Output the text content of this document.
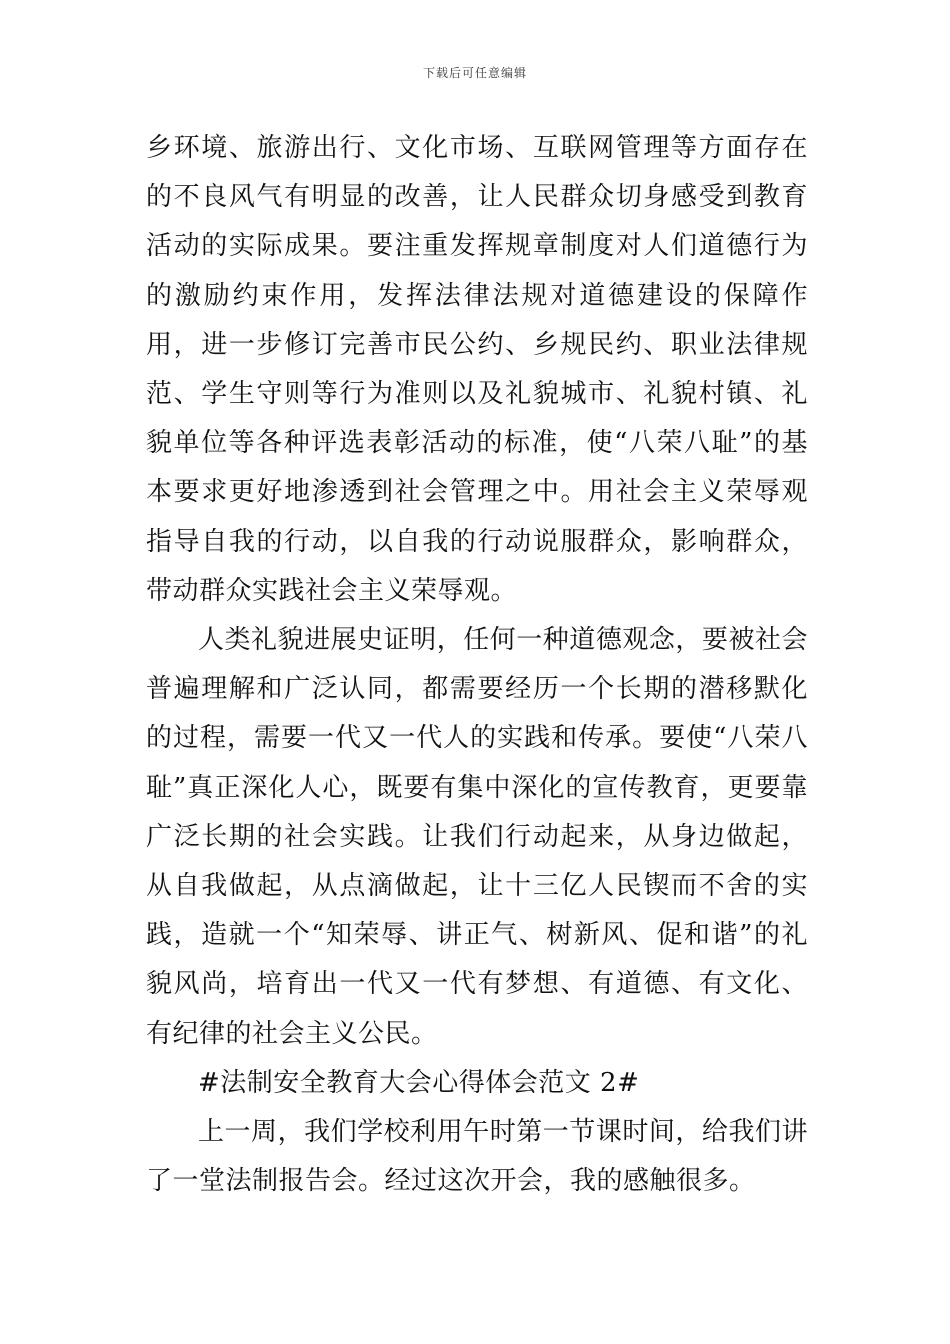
下载后可任意编辑

乡环境、旅游出行、文化市场、互联网管理等方面存在的不良风气有明显的改善，让人民群众切身感受到教育活动的实际成果。要注重发挥规章制度对人们道德行为的激励约束作用，发挥法律法规对道德建设的保障作用，进一步修订完善市民公约、乡规民约、职业法律规范、学生守则等行为准则以及礼貌城市、礼貌村镇、礼貌单位等各种评选表彰活动的标准，使“八荣八耻”的基本要求更好地渗透到社会管理之中。用社会主义荣辱观指导自我的行动，以自我的行动说服群众，影响群众，带动群众实践社会主义荣辱观。

人类礼貌进展史证明，任何一种道德观念，要被社会普遍理解和广泛认同，都需要经历一个长期的潜移默化的过程，需要一代又一代人的实践和传承。要使“八荣八耻”真正深化人心，既要有集中深化的宣传教育，更要靠广泛长期的社会实践。让我们行动起来，从身边做起，从自我做起，从点滴做起，让十三亿人民锲而不舍的实践，造就一个“知荣辱、讲正气、树新风、促和谐”的礼貌风尚，培育出一代又一代有梦想、有道德、有文化、有纪律的社会主义公民。

#法制安全教育大会心得体会范文 2#

上一周，我们学校利用午时第一节课时间，给我们讲了一堂法制报告会。经过这次开会，我的感触很多。
